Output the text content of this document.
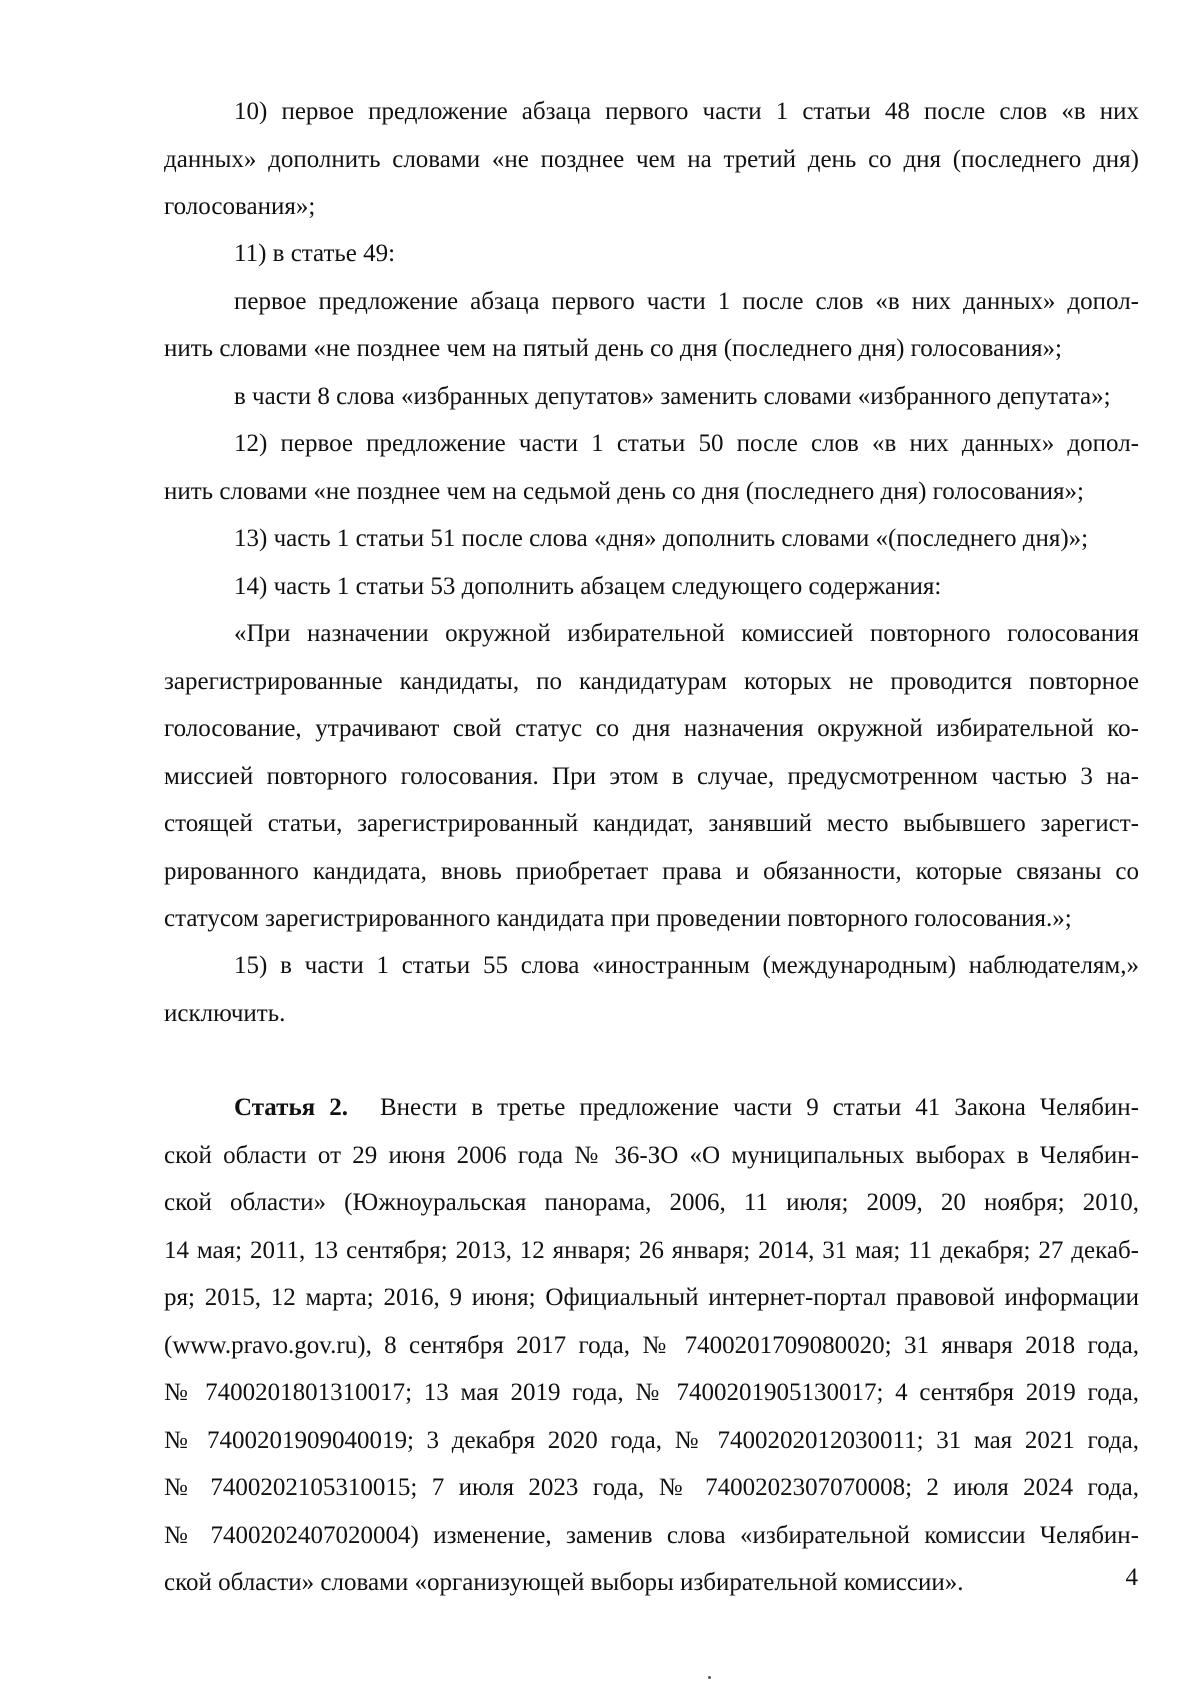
10) первое предложение абзаца первого части 1 статьи 48 после слов «в них
данных» дополнить словами «не позднее чем на третий день со дня (последнего дня)
голосования»;
11) в статье 49:
первое предложение абзаца первого части 1 после слов «в них данных» допол-
нить словами «не позднее чем на пятый день со дня (последнего дня) голосования»;
в части 8 слова «избранных депутатов» заменить словами «избранного депутата»;
12) первое предложение части 1 статьи 50 после слов «в них данных» допол-
нить словами «не позднее чем на седьмой день со дня (последнего дня) голосования»;
13) часть 1 статьи 51 после слова «дня» дополнить словами «(последнего дня)»;
14) часть 1 статьи 53 дополнить абзацем следующего содержания:
«При назначении окружной избирательной комиссией повторного голосования
зарегистрированные кандидаты, по кандидатурам которых не проводится повторное
голосование, утрачивают свой статус со дня назначения окружной избирательной ко-
миссией повторного голосования. При этом в случае, предусмотренном частью 3 на-
стоящей статьи, зарегистрированный кандидат, занявший место выбывшего зарегист-
рированного кандидата, вновь приобретает права и обязанности, которые связаны со
статусом зарегистрированного кандидата при проведении повторного голосования.»;
15) в части 1 статьи 55 слова «иностранным (международным) наблюдателям,»
исключить.
Статья 2. Внести в третье предложение части 9 статьи 41 Закона Челябин-
ской области от 29 июня 2006 года № 36-ЗО «О муниципальных выборах в Челябин-
ской области» (Южноуральская панорама, 2006, 11 июля; 2009, 20 ноября; 2010,
14 мая; 2011, 13 сентября; 2013, 12 января; 26 января; 2014, 31 мая; 11 декабря; 27 декаб-
ря; 2015, 12 марта; 2016, 9 июня; Официальный интернет-портал правовой информации
(www.pravo.gov.ru), 8 сентября 2017 года, № 7400201709080020; 31 января 2018 года,
№ 7400201801310017; 13 мая 2019 года, № 7400201905130017; 4 сентября 2019 года,
№ 7400201909040019; 3 декабря 2020 года, № 7400202012030011; 31 мая 2021 года,
№ 7400202105310015; 7 июля 2023 года, № 7400202307070008; 2 июля 2024 года,
№ 7400202407020004) изменение, заменив слова «избирательной комиссии Челябин-
ской области» словами «организующей выборы избирательной комиссии».	4
